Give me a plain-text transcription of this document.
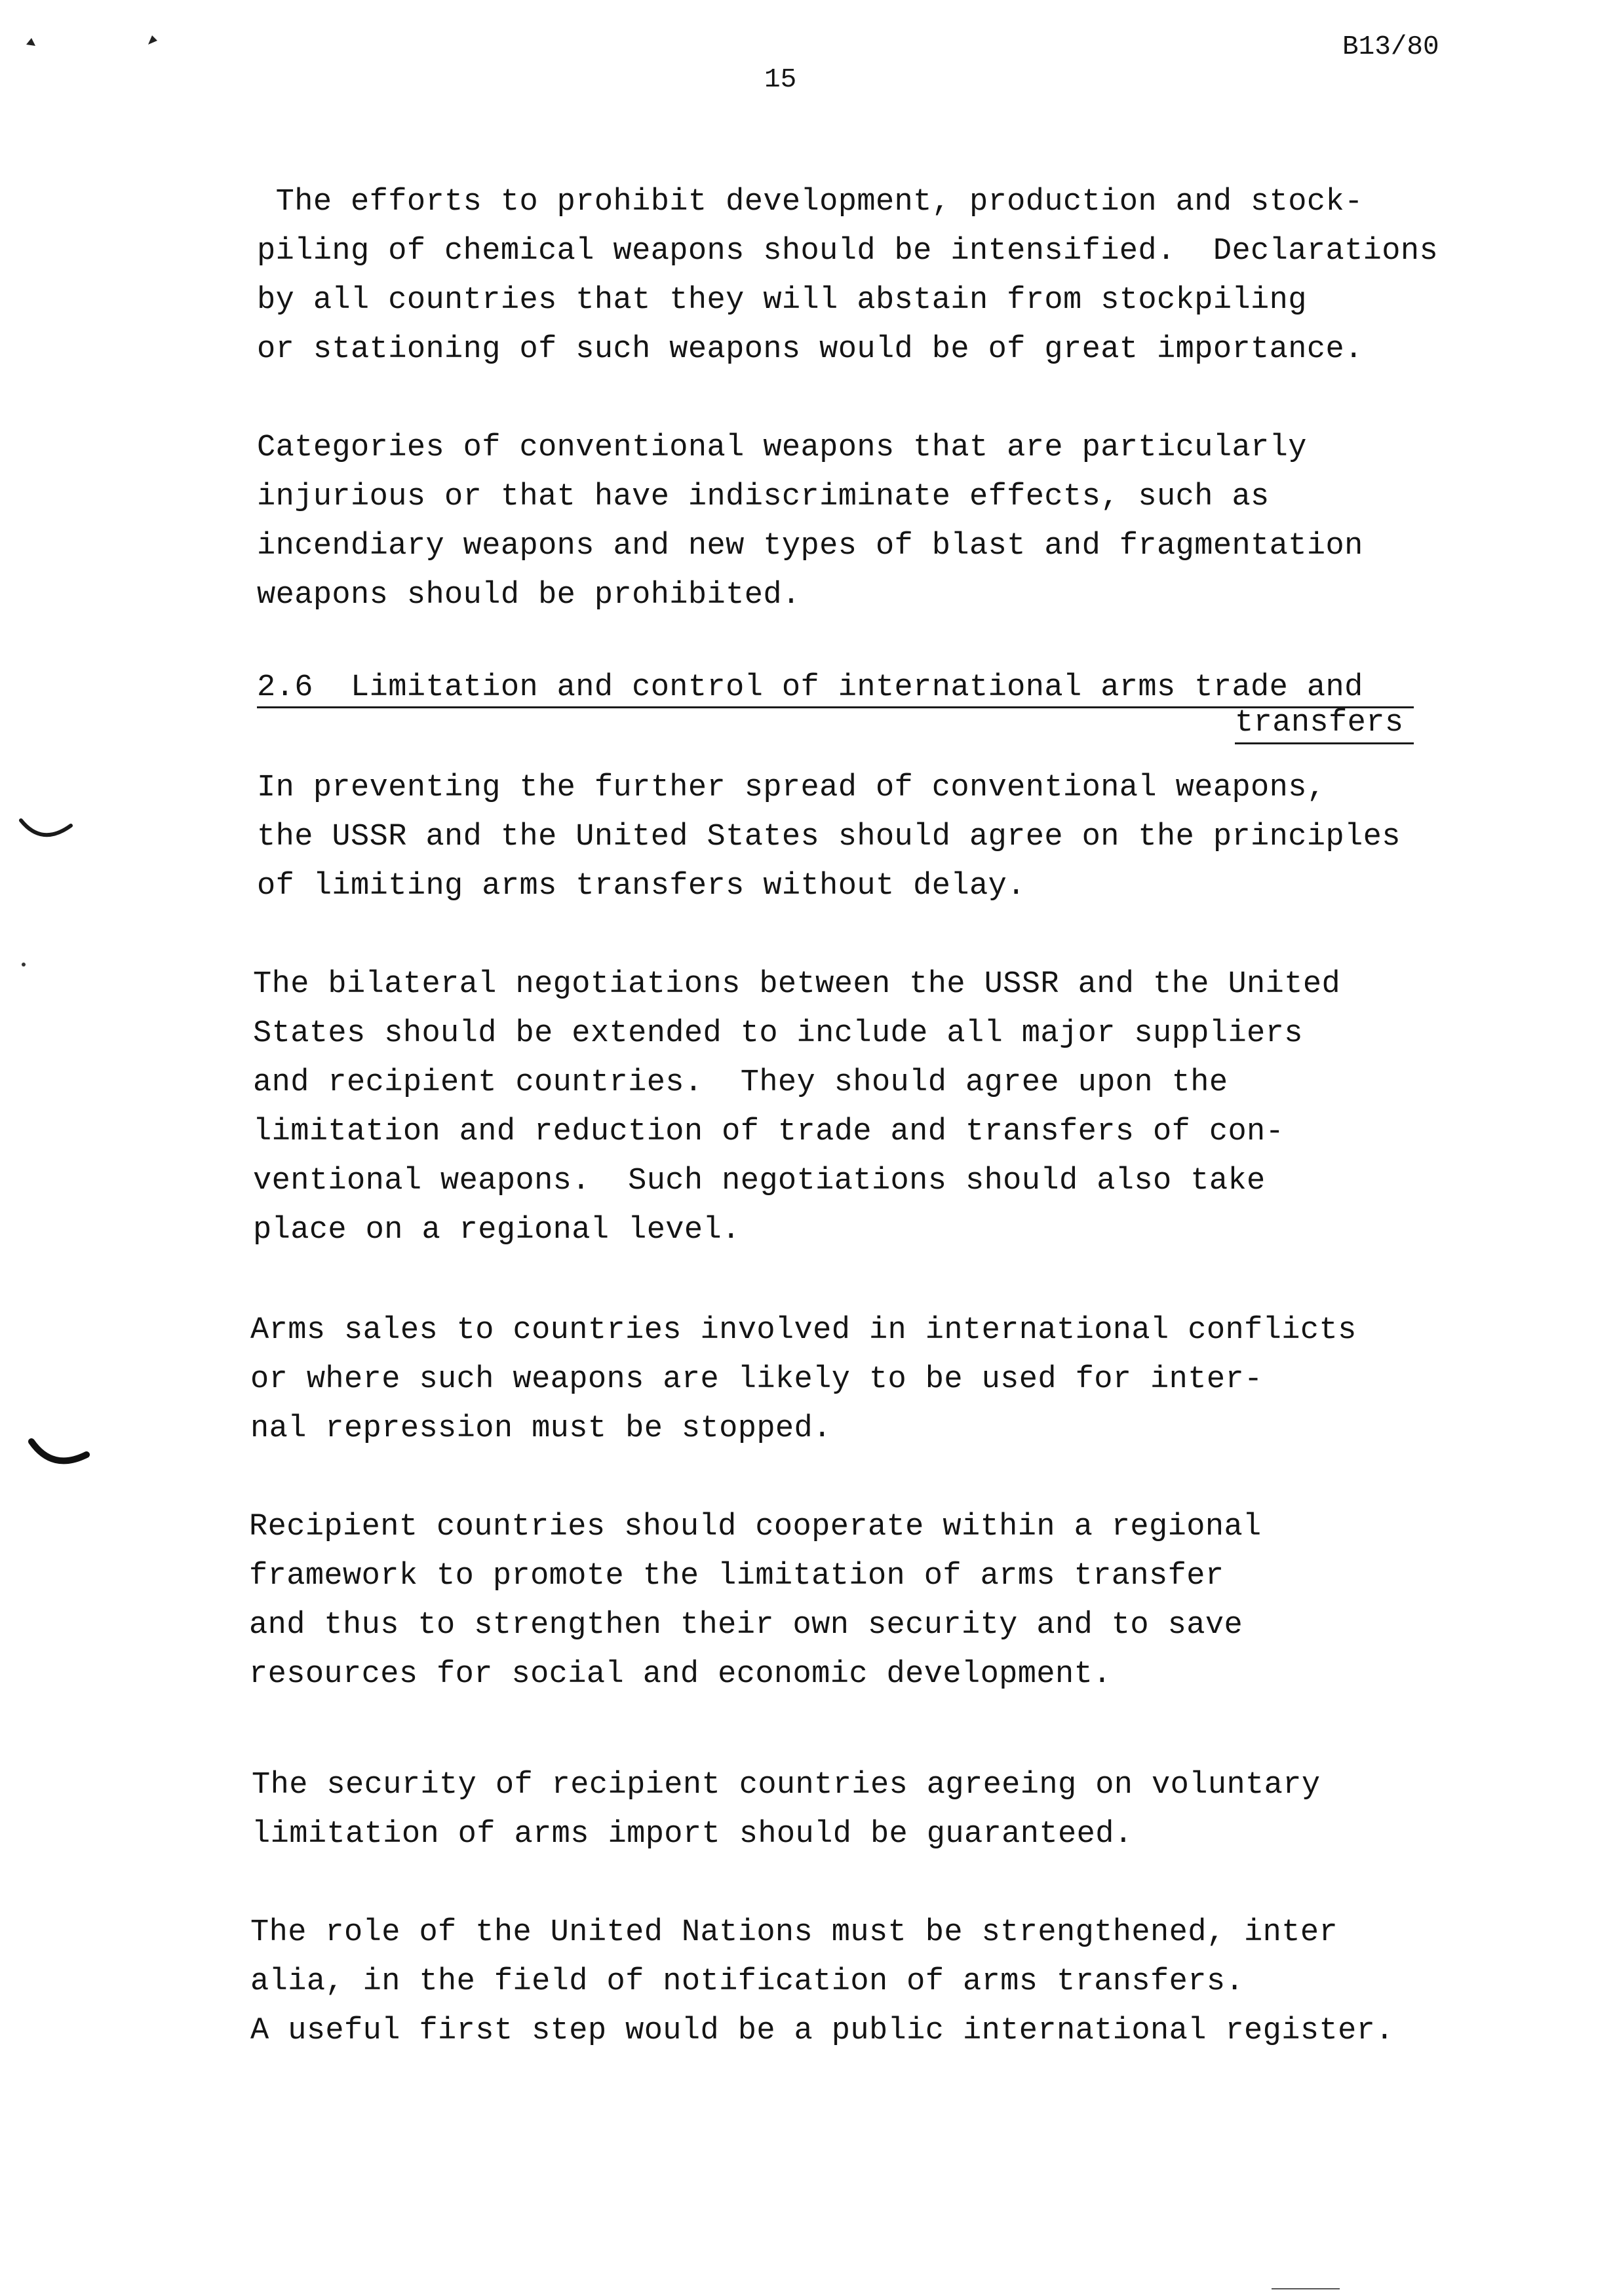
B13/80
15
The efforts to prohibit development, production and stock-
piling of chemical weapons should be intensified.  Declarations
by all countries that they will abstain from stockpiling
or stationing of such weapons would be of great importance.
Categories of conventional weapons that are particularly
injurious or that have indiscriminate effects, such as
incendiary weapons and new types of blast and fragmentation
weapons should be prohibited.
2.6  Limitation and control of international arms trade and
transfers
In preventing the further spread of conventional weapons,
the USSR and the United States should agree on the principles
of limiting arms transfers without delay.
The bilateral negotiations between the USSR and the United
States should be extended to include all major suppliers
and recipient countries.  They should agree upon the
limitation and reduction of trade and transfers of con-
ventional weapons.  Such negotiations should also take
place on a regional level.
Arms sales to countries involved in international conflicts
or where such weapons are likely to be used for inter-
nal repression must be stopped.
Recipient countries should cooperate within a regional
framework to promote the limitation of arms transfer
and thus to strengthen their own security and to save
resources for social and economic development.
The security of recipient countries agreeing on voluntary
limitation of arms import should be guaranteed.
The role of the United Nations must be strengthened, inter
alia, in the field of notification of arms transfers.
A useful first step would be a public international register.
